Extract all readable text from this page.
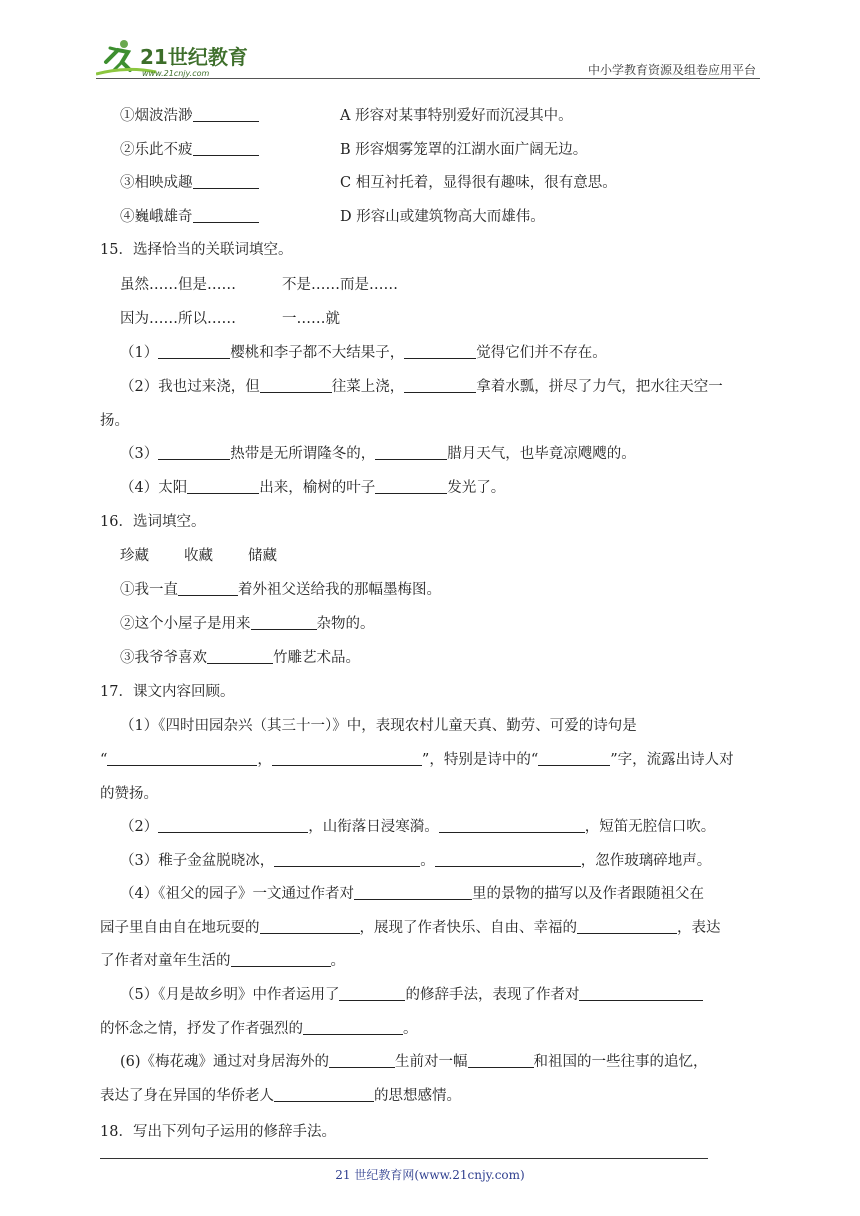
21世纪教育
www.21cnjy.com	中小学教育资源及组卷应用平台
①烟波浩渺	A 形容对某事特别爱好而沉浸其中。
②乐此不疲	B 形容烟雾笼罩的江湖水面广阔无边。
③相映成趣	C 相互衬托着，显得很有趣味，很有意思。
④巍峨雄奇	D 形容山或建筑物高大而雄伟。
15．选择恰当的关联词填空。
虽然……但是……	不是……而是……
因为……所以……	一……就
（1）	樱桃和李子都不大结果子，	觉得它们并不存在。
（2）我也过来浇，但	往菜上浇，	拿着水瓢，拼尽了力气，把水往天空一
扬。
（3）	热带是无所谓隆冬的，	腊月天气，也毕竟凉飕飕的。
（4）太阳	出来，榆树的叶子	发光了。
16．选词填空。
珍藏 收藏 储藏
①我一直	着外祖父送给我的那幅墨梅图。
②这个小屋子是用来	杂物的。
③我爷爷喜欢	竹雕艺术品。
17．课文内容回顾。
（1）《四时田园杂兴（其三十一）》中，表现农村儿童天真、勤劳、可爱的诗句是
“	，	”，特别是诗中的“	”字，流露出诗人对
的赞扬。
（2）	，山衔落日浸寒漪。	，短笛无腔信口吹。
（3）稚子金盆脱晓冰，	。	，忽作玻璃碎地声。
（4）《祖父的园子》一文通过作者对	里的景物的描写以及作者跟随祖父在
园子里自由自在地玩耍的	，展现了作者快乐、自由、幸福的	，表达
了作者对童年生活的	。
（5）《月是故乡明》中作者运用了	的修辞手法，表现了作者对
的怀念之情，抒发了作者强烈的	。
(6)《梅花魂》通过对身居海外的	生前对一幅	和祖国的一些往事的追忆，
表达了身在异国的华侨老人	的思想感情。
18．写出下列句子运用的修辞手法。
21 世纪教育网(www.21cnjy.com)
